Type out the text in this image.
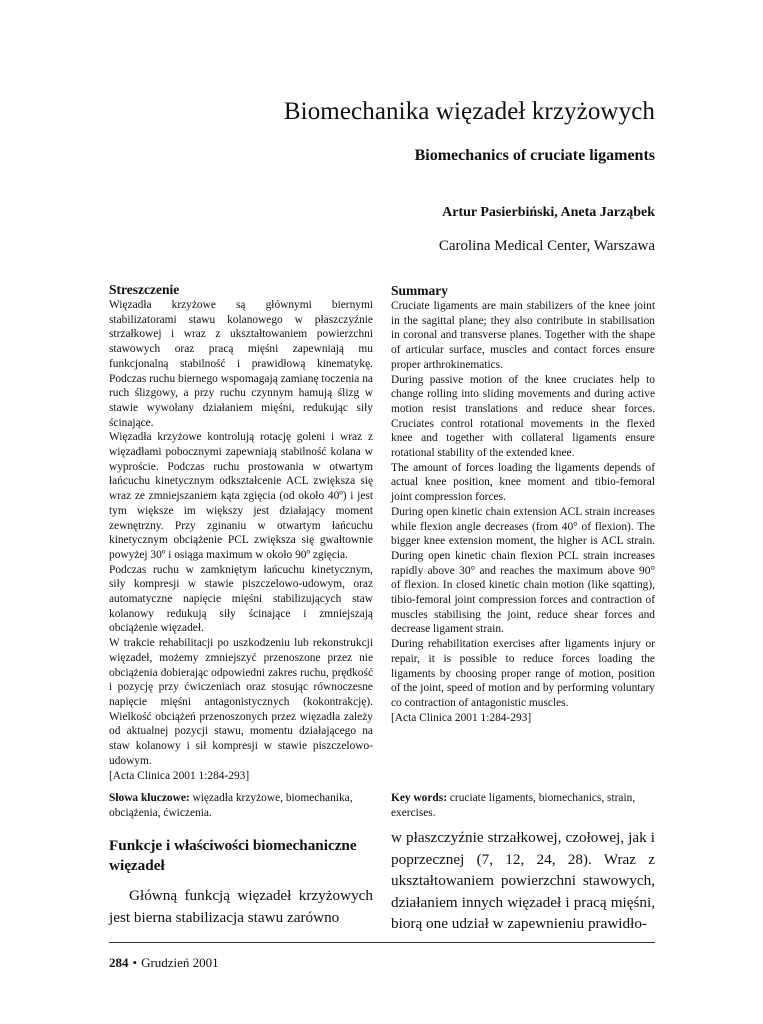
Biomechanika więzadeł krzyżowych
Biomechanics of cruciate ligaments
Artur Pasierbiński, Aneta Jarząbek
Carolina Medical Center, Warszawa
Streszczenie

Więzadła krzyżowe są głównymi biernymi stabilizatorami stawu kolanowego w płaszczyźnie strzałkowej i wraz z ukształtowaniem powierzchni stawowych oraz pracą mięśni zapewniają mu funkcjonalną stabilność i prawidłową kinematykę. Podczas ruchu biernego wspomagają zamianę toczenia na ruch ślizgowy, a przy ruchu czynnym hamują ślizg w stawie wywołany działaniem mięśni, redukując siły ścinające.

Więzadła krzyżowe kontrolują rotację goleni i wraz z więzadłami pobocznymi zapewniają stabilność kolana w wyproście. Podczas ruchu prostowania w otwartym łańcuchu kinetycznym odkształcenie ACL zwiększa się wraz ze zmniejszaniem kąta zgięcia (od około 40º) i jest tym większe im większy jest działający moment zewnętrzny. Przy zginaniu w otwartym łańcuchu kinetycznym obciążenie PCL zwiększa się gwałtownie powyżej 30º i osiąga maximum w około 90º zgięcia.

Podczas ruchu w zamkniętym łańcuchu kinetycznym, siły kompresji w stawie piszczelowo-udowym, oraz automatyczne napięcie mięśni stabilizujących staw kolanowy redukują siły ścinające i zmniejszają obciążenie więzadeł.

W trakcie rehabilitacji po uszkodzeniu lub rekonstrukcji więzadeł, możemy zmniejszyć przenoszone przez nie obciążenia dobierając odpowiedni zakres ruchu, prędkość i pozycję przy ćwiczeniach oraz stosując równoczesne napięcie mięśni antagonistycznych (kokontrakcję). Wielkość obciążeń przenoszonych przez więzadła zależy od aktualnej pozycji stawu, momentu działającego na staw kolanowy i sił kompresji w stawie piszczelowo-udowym.

[Acta Clinica 2001 1:284-293]

Summary

Cruciate ligaments are main stabilizers of the knee joint in the sagittal plane; they also contribute in stabilisation in coronal and transverse planes. Together with the shape of articular surface, muscles and contact forces ensure proper arthrokinematics.

During passive motion of the knee cruciates help to change rolling into sliding movements and during active motion resist translations and reduce shear forces. Cruciates control rotational movements in the flexed knee and together with collateral ligaments ensure rotational stability of the extended knee.

The amount of forces loading the ligaments depends of actual knee position, knee moment and tibio-femoral joint compression forces.

During open kinetic chain extension ACL strain increases while flexion angle decreases (from 40° of flexion). The bigger knee extension moment, the higher is ACL strain. During open kinetic chain flexion PCL strain increases rapidly above 30° and reaches the maximum above 90° of flexion. In closed kinetic chain motion (like sqatting), tibio-femoral joint compression forces and contraction of muscles stabilising the joint, reduce shear forces and decrease ligament strain.

During rehabilitation exercises after ligaments injury or repair, it is possible to reduce forces loading the ligaments by choosing proper range of motion, position of the joint, speed of motion and by performing voluntary co contraction of antagonistic muscles.

[Acta Clinica 2001 1:284-293]

Słowa kluczowe: więzadła krzyżowe, biomechanika, obciążenia, ćwiczenia.
Key words: cruciate ligaments, biomechanics, strain, exercises.
Funkcje i właściwości biomechaniczne więzadeł

Główną funkcją więzadeł krzyżowych jest bierna stabilizacja stawu zarówno

w płaszczyźnie strzałkowej, czołowej, jak i poprzecznej (7, 12, 24, 28). Wraz z ukształtowaniem powierzchni stawowych, działaniem innych więzadeł i pracą mięśni, biorą one udział w zapewnieniu prawidło-

284 • Grudzień 2001
